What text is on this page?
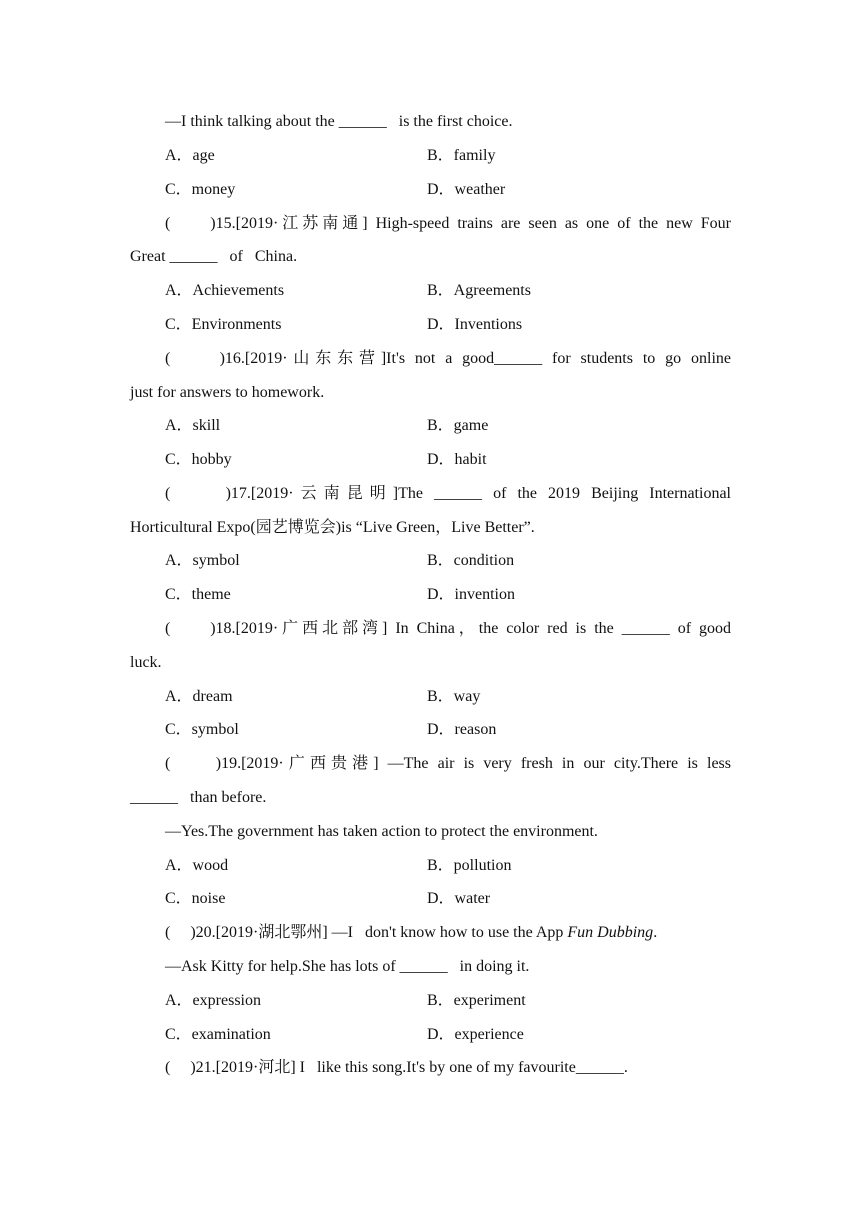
—I think talking about the ______   is the first choice.
A．age	B．family
C．money	D．weather
(     )15.[2019·江苏南通] High-speed trains are seen as one of the new Four
Great ______   of   China.
A．Achievements	B．Agreements
C．Environments	D．Inventions
(     )16.[2019·山东东营]It's not a good______ for students to go online
just for answers to homework.
A．skill	B．game
C．hobby	D．habit
(     )17.[2019·云南昆明]The ______ of the 2019 Beijing International
Horticultural Expo(园艺博览会)is “Live Green，Live Better”.
A．symbol	B．condition
C．theme	D．invention
(     )18.[2019·广西北部湾] In China，the color red is the ______ of good
luck.
A．dream	B．way
C．symbol	D．reason
(     )19.[2019·广西贵港] —The air is very fresh in our city.There is less
______   than before.
—Yes.The government has taken action to protect the environment.
A．wood	B．pollution
C．noise	D．water
(     )20.[2019·湖北鄂州] —I   don't know how to use the App Fun Dubbing.
—Ask Kitty for help.She has lots of ______   in doing it.
A．expression	B．experiment
C．examination	D．experience
(     )21.[2019·河北] I   like this song.It's by one of my favourite______.
